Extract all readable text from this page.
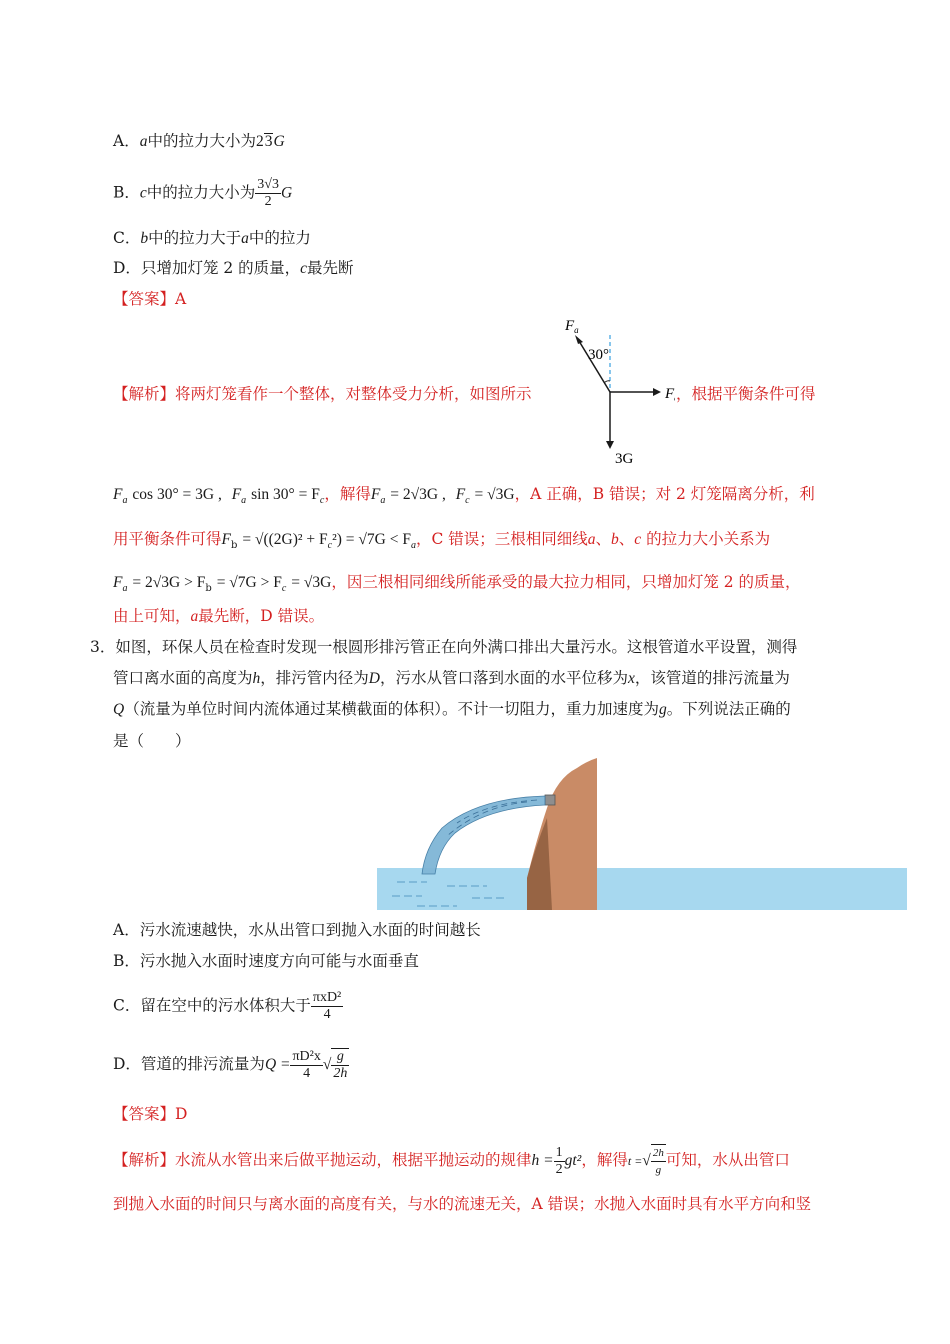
A．a中的拉力大小为23G
B．c中的拉力大小为 $\frac{3√3}{2}$ G
C．b中的拉力大于a中的拉力
D．只增加灯笼 2 的质量，c最先断
【答案】A
$F_a$
30°
F
3G
【解析】将两灯笼看作一个整体，对整体受力分析，如图所示	，根据平衡条件可得
$F_a$ cos 30° = 3G , $F_a$ $\sin 30^\circ = F_c$，解得$F_a = 2√3G$ , $F_c = √3G$，A 正确，B 错误；对 2 灯笼隔离分析，利
用平衡条件可得$F_b = √((2G)^2 + F_c^2) = √7G < F_a$，C 错误；三根相同细线a、b、c 的拉力大小关系为
$F_a = 2√3G > F_b = √7G > F_c = √3G$，因三根相同细线所能承受的最大拉力相同，只增加灯笼 2 的质量，
由上可知，a最先断，D 错误。
3．如图，环保人员在检查时发现一根圆形排污管正在向外满口排出大量污水。这根管道水平设置，测得
管口离水面的高度为h，排污管内径为D，污水从管口落到水面的水平位移为x，该管道的排污流量为
Q（流量为单位时间内流体通过某横截面的体积）。不计一切阻力，重力加速度为g。下列说法正确的
是（　　）
A．污水流速越快，水从出管口到抛入水面的时间越长
B．污水抛入水面时速度方向可能与水面垂直
C．留在空中的污水体积大于 $\frac{\text{πxD²}}{4}$
D．管道的排污流量为$Q = \frac{\text{πD²x}}{4}$ √ $\frac{g}{2h}$
【答案】D
【解析】水流从水管出来后做平抛运动，根据平抛运动的规律$h = \frac{1}{2} gt^2$，解得t =√ $\frac{2h}{g}$ 可知，水从出管口
到抛入水面的时间只与离水面的高度有关，与水的流速无关，A 错误；水抛入水面时具有水平方向和竖
